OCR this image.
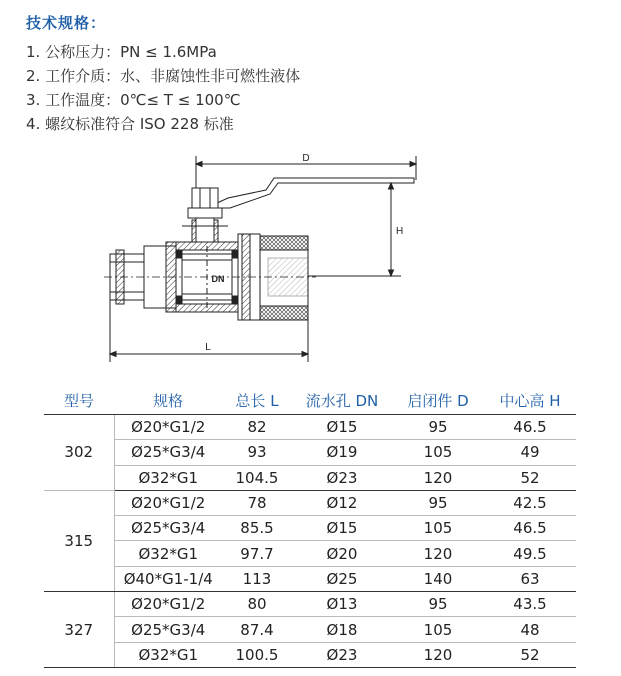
技术规格：
1. 公称压力：PN ≤ 1.6MPa
2. 工作介质：水、非腐蚀性非可燃性液体
3. 工作温度：0℃≤ T ≤ 100℃
4. 螺纹标准符合 ISO 228 标准
D
H
DN
L
型号	规格	总长 L	流水孔 DN	启闭件 D	中心高 H
302	Ø20*G1/2	82	Ø15	95	46.5
	Ø25*G3/4	93	Ø19	105	49
	Ø32*G1	104.5	Ø23	120	52
315	Ø20*G1/2	78	Ø12	95	42.5
	Ø25*G3/4	85.5	Ø15	105	46.5
	Ø32*G1	97.7	Ø20	120	49.5
	Ø40*G1-1/4	113	Ø25	140	63
327	Ø20*G1/2	80	Ø13	95	43.5
	Ø25*G3/4	87.4	Ø18	105	48
	Ø32*G1	100.5	Ø23	120	52
